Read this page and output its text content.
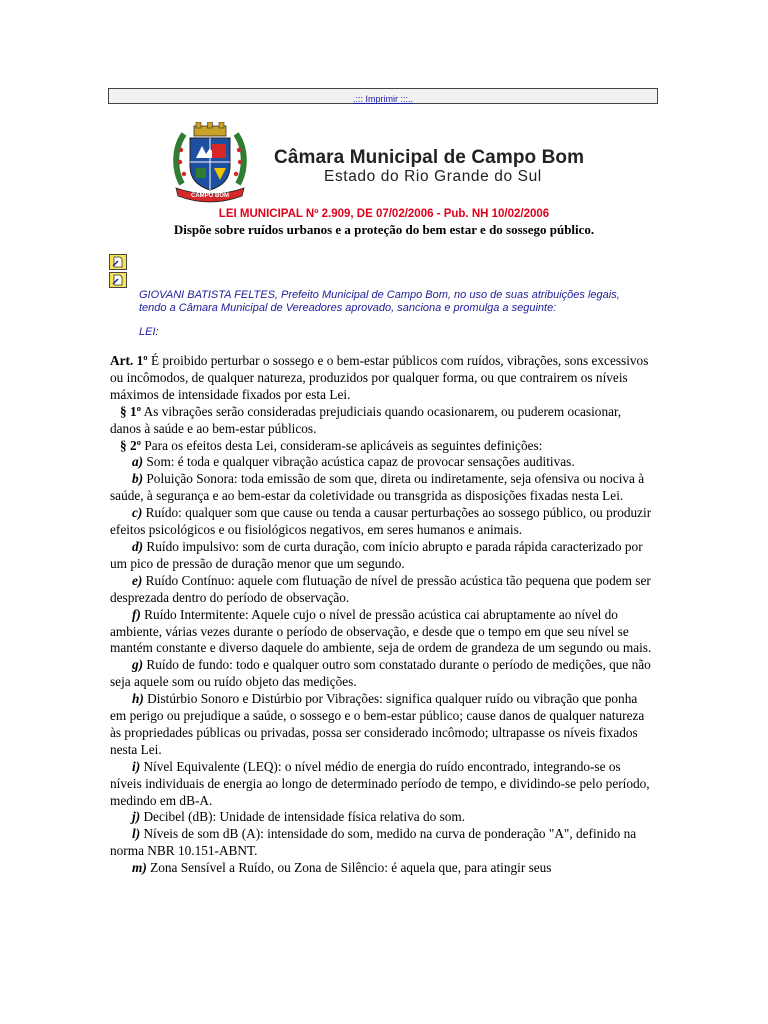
.::: Imprimir :::..
CAMPO BOM
Câmara Municipal de Campo Bom
Estado do Rio Grande do Sul
LEI MUNICIPAL Nº 2.909, DE 07/02/2006 - Pub. NH 10/02/2006
Dispõe sobre ruídos urbanos e a proteção do bem estar e do sossego público.

GIOVANI BATISTA FELTES, Prefeito Municipal de Campo Bom, no uso de suas atribuições legais, tendo a Câmara Municipal de Vereadores aprovado, sanciona e promulga a seguinte:

LEI:

Art. 1º É proibido perturbar o sossego e o bem-estar públicos com ruídos, vibrações, sons excessivos ou incômodos, de qualquer natureza, produzidos por qualquer forma, ou que contrairem os níveis máximos de intensidade fixados por esta Lei.

§ 1º As vibrações serão consideradas prejudiciais quando ocasionarem, ou puderem ocasionar, danos à saúde e ao bem-estar públicos.

§ 2º Para os efeitos desta Lei, consideram-se aplicáveis as seguintes definições:

a) Som: é toda e qualquer vibração acústica capaz de provocar sensações auditivas.

b) Poluição Sonora: toda emissão de som que, direta ou indiretamente, seja ofensiva ou nociva à saúde, à segurança e ao bem-estar da coletividade ou transgrida as disposições fixadas nesta Lei.

c) Ruído: qualquer som que cause ou tenda a causar perturbações ao sossego público, ou produzir efeitos psicológicos e ou fisiológicos negativos, em seres humanos e animais.

d) Ruído impulsivo: som de curta duração, com início abrupto e parada rápida caracterizado por um pico de pressão de duração menor que um segundo.

e) Ruído Contínuo: aquele com flutuação de nível de pressão acústica tão pequena que podem ser desprezada dentro do período de observação.

f) Ruído Intermitente: Aquele cujo o nível de pressão acústica cai abruptamente ao nível do ambiente, várias vezes durante o período de observação, e desde que o tempo em que seu nível se mantém constante e diverso daquele do ambiente, seja de ordem de grandeza de um segundo ou mais.

g) Ruído de fundo: todo e qualquer outro som constatado durante o período de medições, que não seja aquele som ou ruído objeto das medições.

h) Distúrbio Sonoro e Distúrbio por Vibrações: significa qualquer ruído ou vibração que ponha em perigo ou prejudique a saúde, o sossego e o bem-estar público; cause danos de qualquer natureza às propriedades públicas ou privadas, possa ser considerado incômodo; ultrapasse os níveis fixados nesta Lei.

i) Nível Equivalente (LEQ): o nível médio de energia do ruído encontrado, integrando-se os níveis individuais de energia ao longo de determinado período de tempo, e dividindo-se pelo período, medindo em dB-A.

j) Decibel (dB): Unidade de intensidade física relativa do som.

l) Níveis de som dB (A): intensidade do som, medido na curva de ponderação "A", definido na norma NBR 10.151-ABNT.

m) Zona Sensível a Ruído, ou Zona de Silêncio: é aquela que, para atingir seus
